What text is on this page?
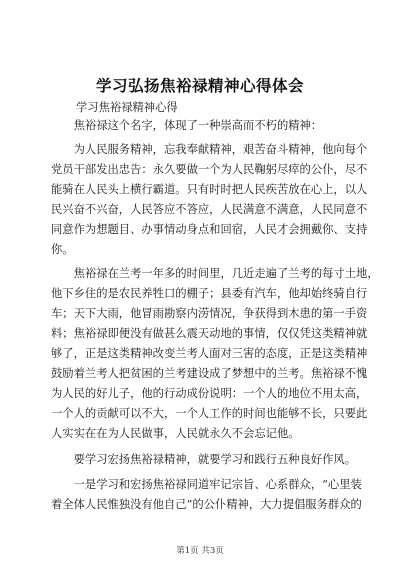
学习弘扬焦裕禄精神心得体会

学习焦裕禄精神心得

　　焦裕禄这个名字，体现了一种崇高而不朽的精神：
　　为人民服务精神，忘我奉献精神，艰苦奋斗精神，他向每个
党员干部发出忠告：永久要做一个为人民鞠躬尽瘁的公仆，尽不
能骑在人民头上横行霸道。只有时时把人民疾苦放在心上，以人
民兴奋不兴奋，人民答应不答应，人民满意不满意，人民同意不
同意作为想题目、办事情动身点和回宿，人民才会拥戴你、支持
你。
　　焦裕禄在兰考一年多的时间里，几近走遍了兰考的每寸土地，
他下乡住的是农民养牲口的棚子；县委有汽车，他却始终骑自行
车；天下大雨，他冒雨勘察内涝情况，争获得到木患的第一手资
料；焦裕禄即便没有做甚么震天动地的事情，仅仅凭这类精神就
够了，正是这类精神改变兰考人面对三害的态度，正是这类精神
鼓励着兰考人把贫困的兰考建设成了梦想中的兰考。焦裕禄不愧
为人民的好儿子，他的行动成份说明：一个人的地位不用太高，
一个人的贡献可以不大，一个人工作的时间也能够不长，只要此
人实实在在为人民做事，人民就永久不会忘记他。
　　要学习宏扬焦裕禄精神，就要学习和践行五种良好作风。
　　一是学习和宏扬焦裕禄同道牢记宗旨、心系群众，“心里装
着全体人民惟独没有他自己”的公仆精神，大力提倡服务群众的

第1页 共3页
